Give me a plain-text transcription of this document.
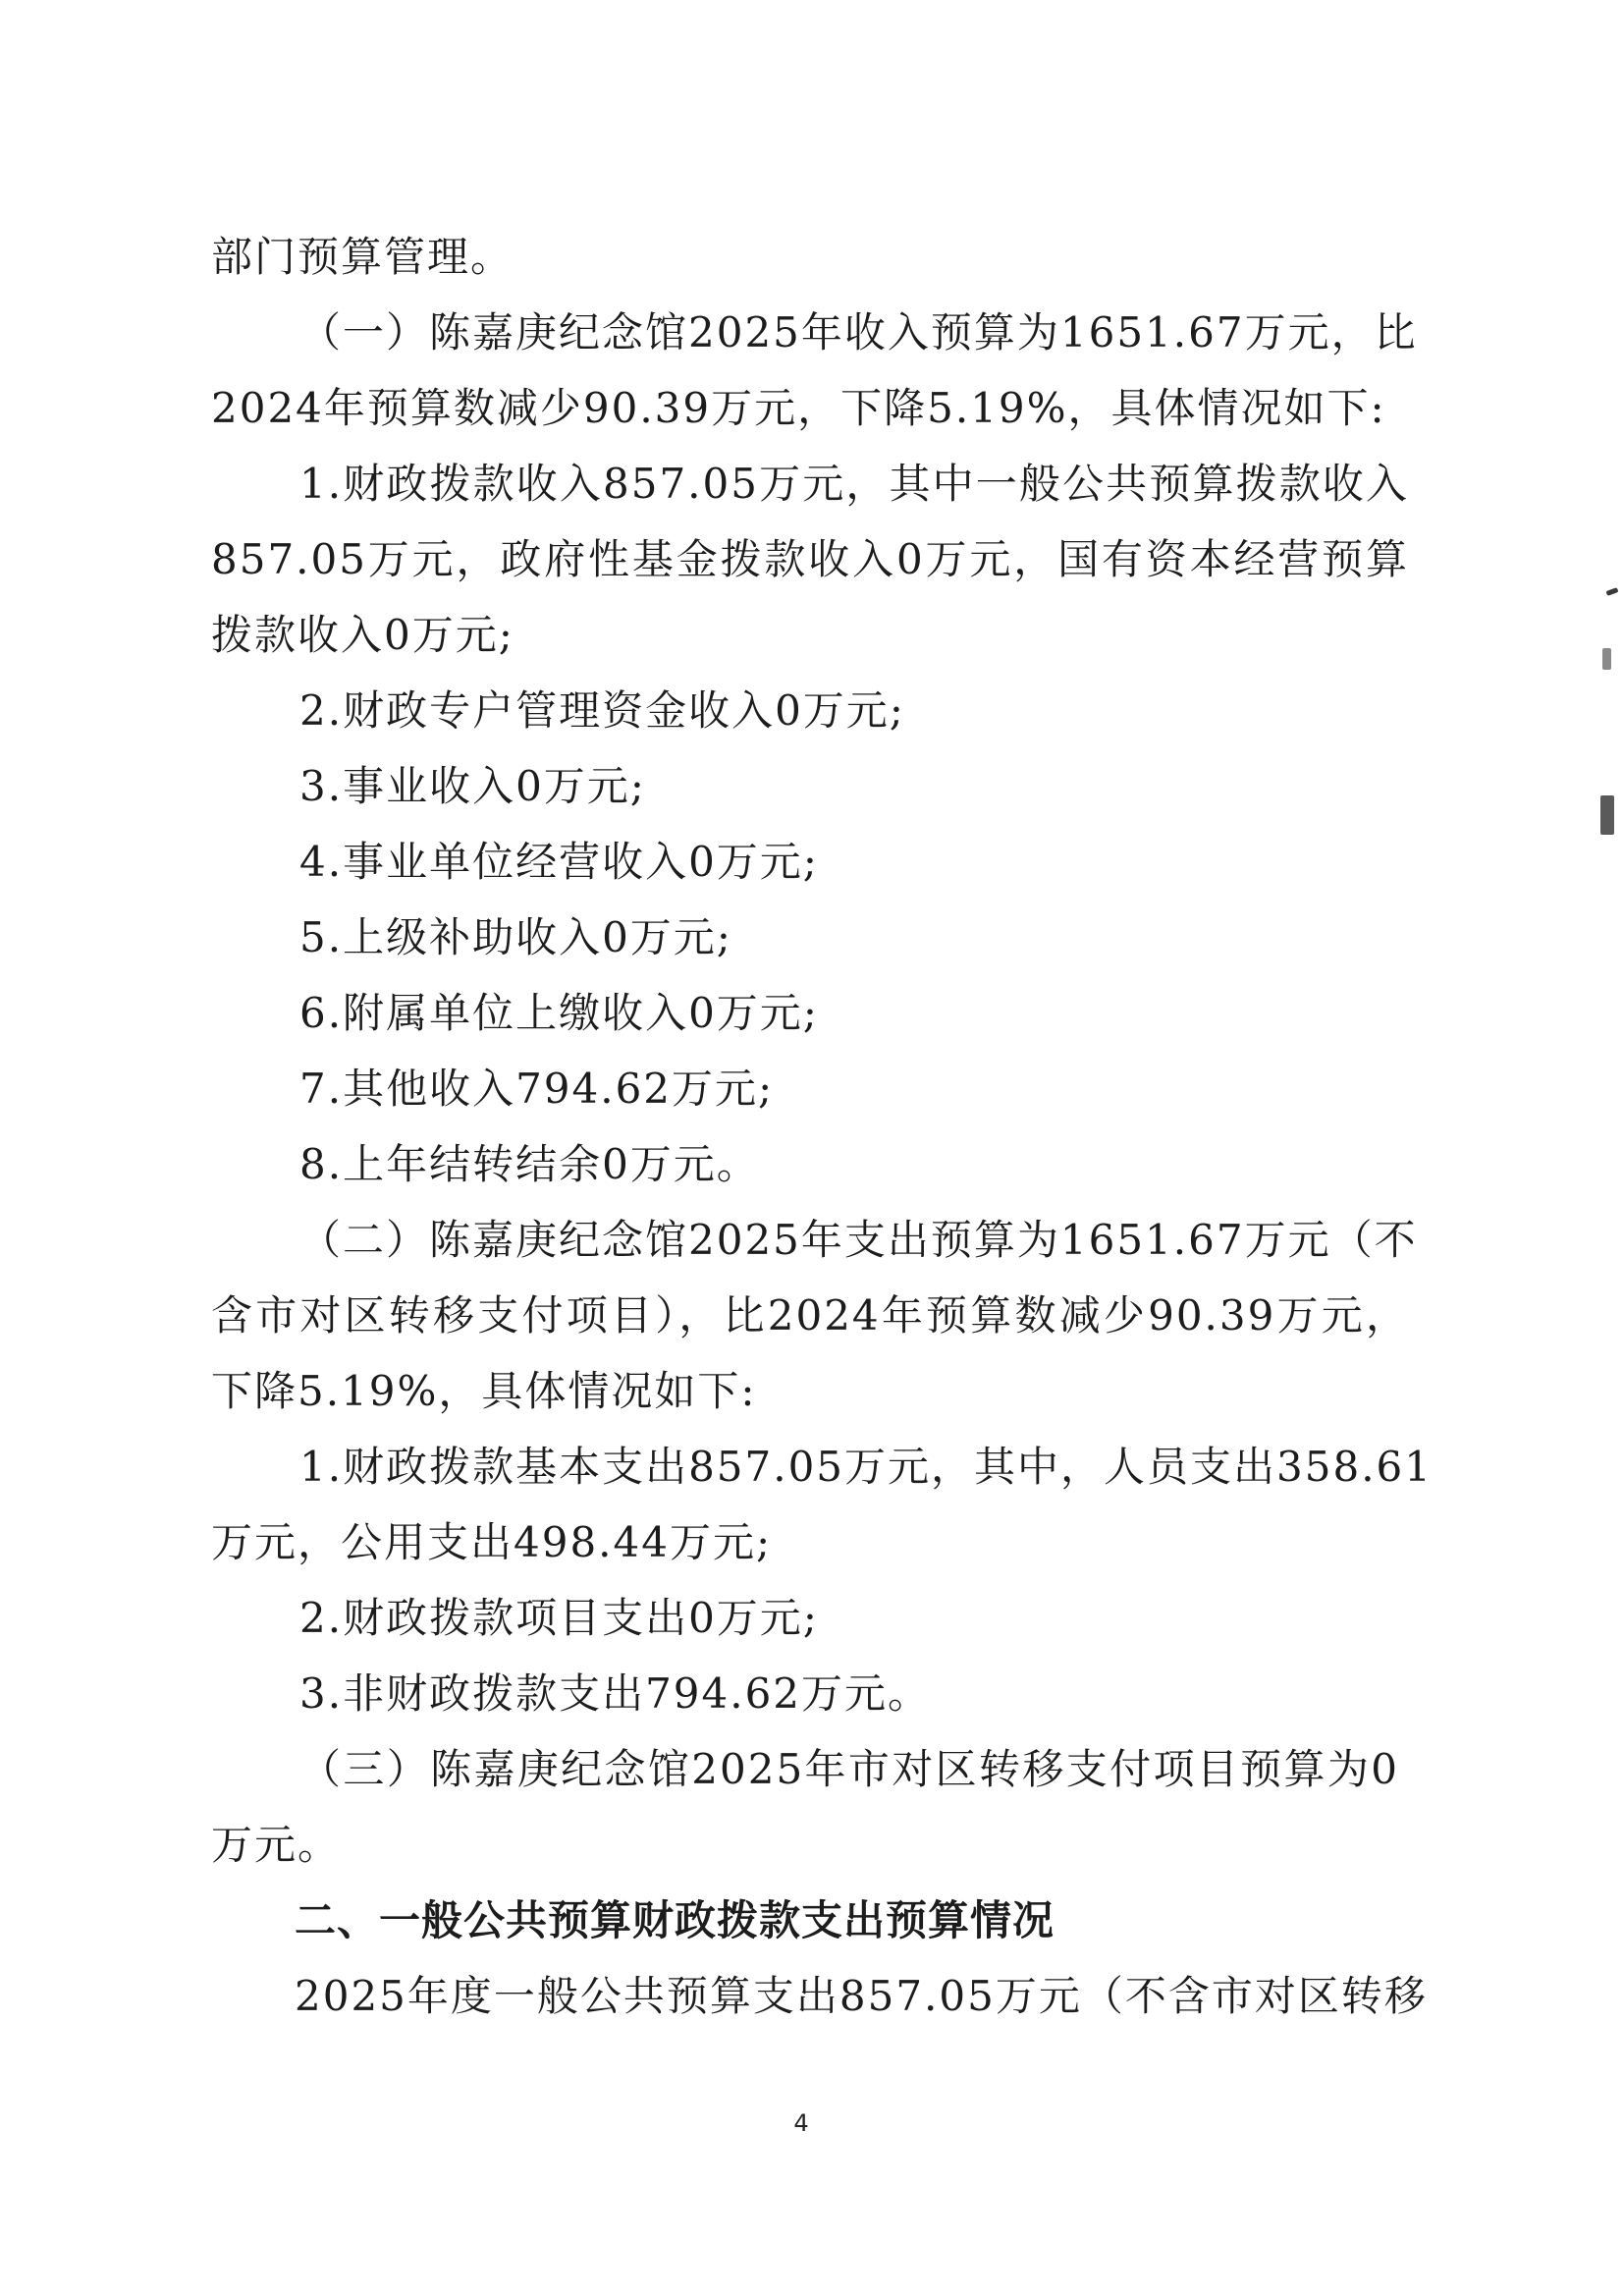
部门预算管理。
（一）陈嘉庚纪念馆2025年收入预算为1651.67万元，比
2024年预算数减少90.39万元，下降5.19%，具体情况如下:
1.财政拨款收入857.05万元，其中一般公共预算拨款收入
857.05万元，政府性基金拨款收入0万元，国有资本经营预算
拨款收入0万元;
2.财政专户管理资金收入0万元;
3.事业收入0万元;
4.事业单位经营收入0万元;
5.上级补助收入0万元;
6.附属单位上缴收入0万元;
7.其他收入794.62万元;
8.上年结转结余0万元。
（二）陈嘉庚纪念馆2025年支出预算为1651.67万元（不
含市对区转移支付项目），比2024年预算数减少90.39万元，
下降5.19%，具体情况如下:
1.财政拨款基本支出857.05万元，其中，人员支出358.61
万元，公用支出498.44万元;
2.财政拨款项目支出0万元;
3.非财政拨款支出794.62万元。
（三）陈嘉庚纪念馆2025年市对区转移支付项目预算为0
万元。
二、一般公共预算财政拨款支出预算情况
2025年度一般公共预算支出857.05万元（不含市对区转移
4
